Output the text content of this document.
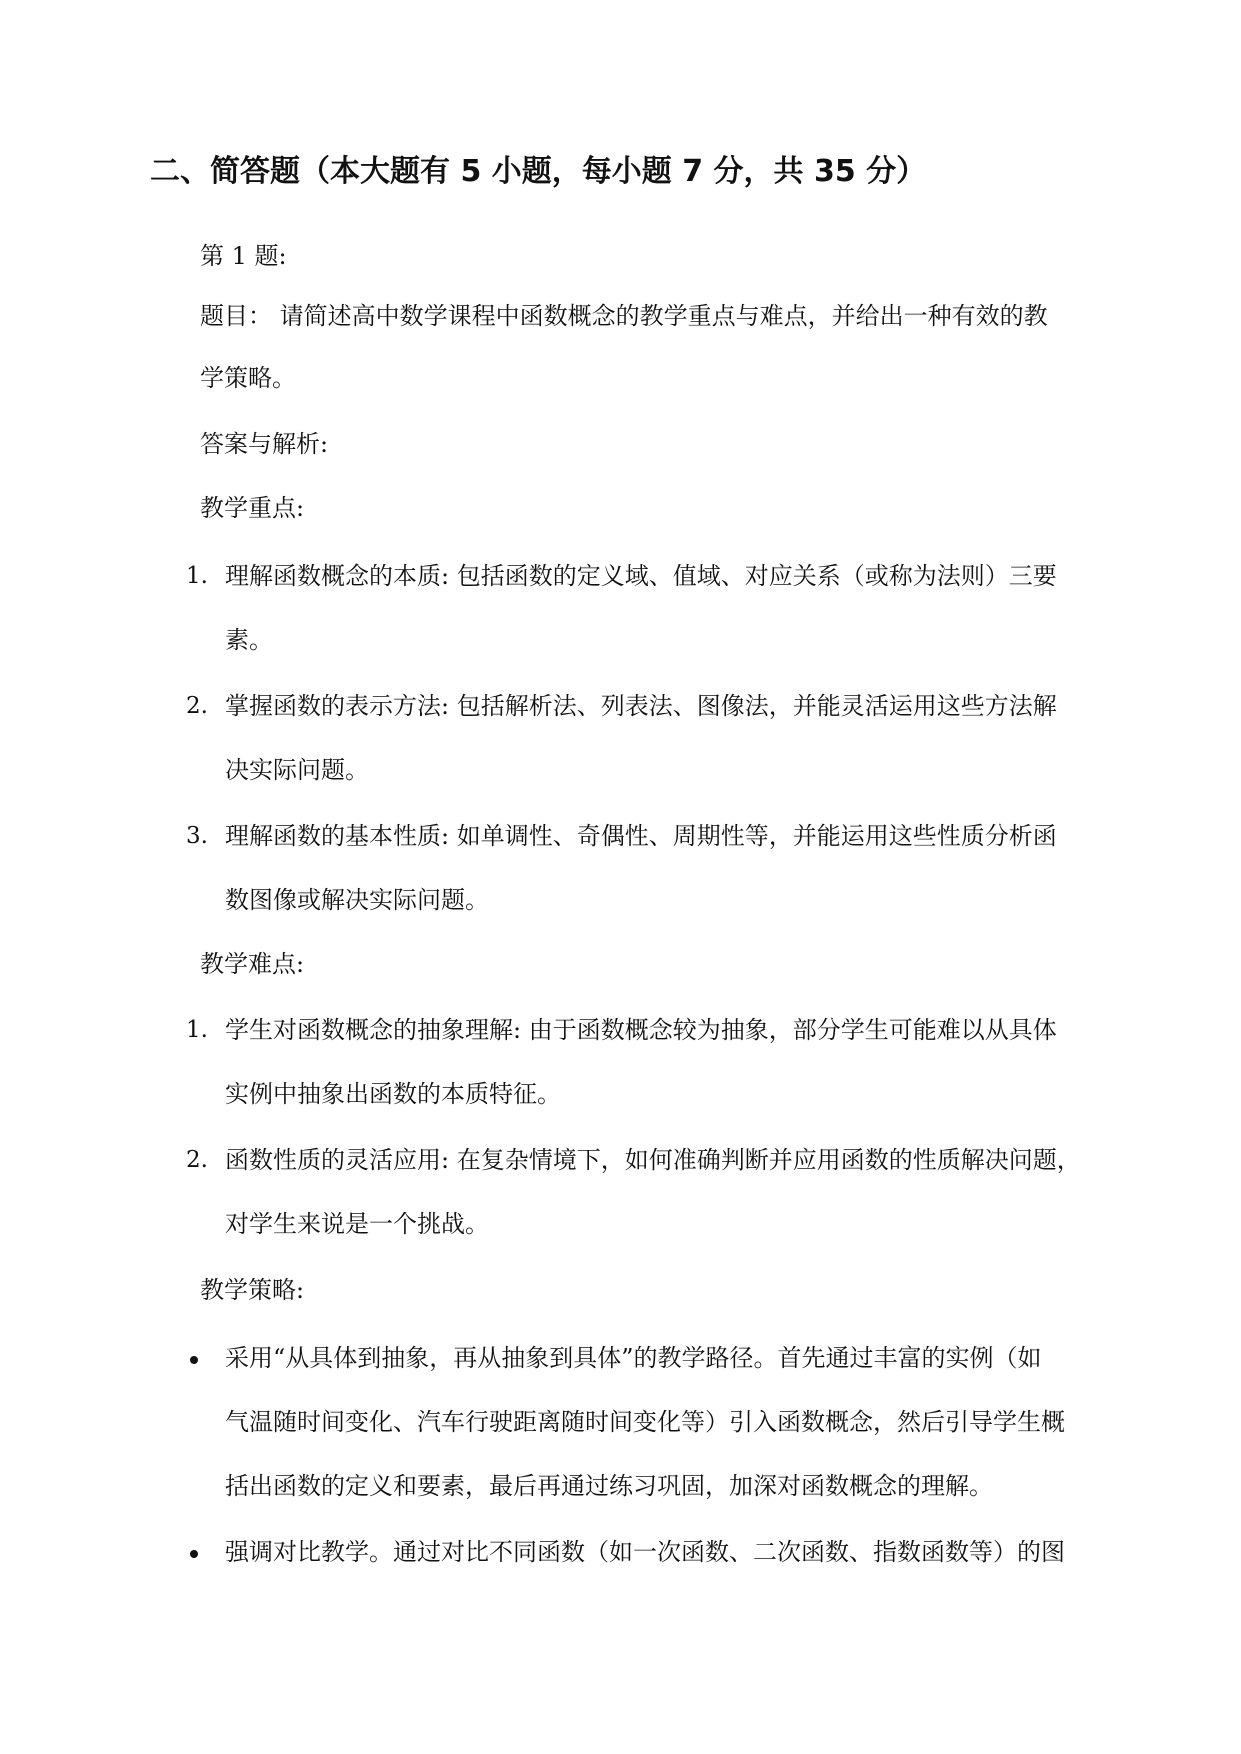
二、简答题（本大题有 5 小题，每小题 7 分，共 35 分）
第 1 题:
题目： 请简述高中数学课程中函数概念的教学重点与难点，并给出一种有效的教
学策略。
答案与解析:
教学重点:
1. 理解函数概念的本质: 包括函数的定义域、值域、对应关系（或称为法则）三要
素。
2. 掌握函数的表示方法: 包括解析法、列表法、图像法，并能灵活运用这些方法解
决实际问题。
3. 理解函数的基本性质: 如单调性、奇偶性、周期性等，并能运用这些性质分析函
数图像或解决实际问题。
教学难点:
1. 学生对函数概念的抽象理解: 由于函数概念较为抽象，部分学生可能难以从具体
实例中抽象出函数的本质特征。
2. 函数性质的灵活应用: 在复杂情境下，如何准确判断并应用函数的性质解决问题，
对学生来说是一个挑战。
教学策略:
采用“从具体到抽象，再从抽象到具体”的教学路径。首先通过丰富的实例（如
气温随时间变化、汽车行驶距离随时间变化等）引入函数概念，然后引导学生概
括出函数的定义和要素，最后再通过练习巩固，加深对函数概念的理解。
强调对比教学。通过对比不同函数（如一次函数、二次函数、指数函数等）的图
